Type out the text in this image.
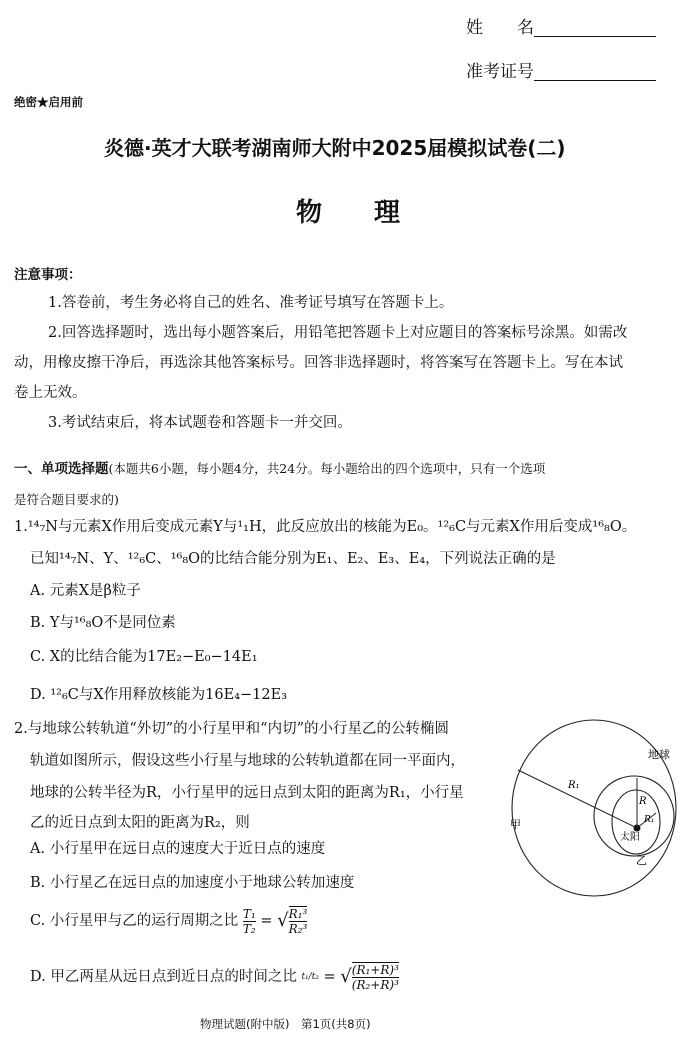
姓　　名
准考证号
绝密★启用前
炎德·英才大联考湖南师大附中2025届模拟试卷(二)
物　　理
注意事项：
1.答卷前，考生务必将自己的姓名、准考证号填写在答题卡上。
2.回答选择题时，选出每小题答案后，用铅笔把答题卡上对应题目的答案标号涂黑。如需改
动，用橡皮擦干净后，再选涂其他答案标号。回答非选择题时，将答案写在答题卡上。写在本试
卷上无效。
3.考试结束后，将本试题卷和答题卡一并交回。
一、单项选择题(本题共6小题，每小题4分，共24分。每小题给出的四个选项中，只有一个选项
是符合题目要求的)
1.¹⁴₇N与元素X作用后变成元素Y与¹₁H，此反应放出的核能为E₀。¹²₆C与元素X作用后变成¹⁶₈O。
已知¹⁴₇N、Y、¹²₆C、¹⁶₈O的比结合能分别为E₁、E₂、E₃、E₄，下列说法正确的是
A. 元素X是β粒子
B. Y与¹⁶₈O不是同位素
C. X的比结合能为17E₂−E₀−14E₁
D. ¹²₆C与X作用释放核能为16E₄−12E₃
2.与地球公转轨道“外切”的小行星甲和“内切”的小行星乙的公转椭圆
轨道如图所示，假设这些小行星与地球的公转轨道都在同一平面内，
地球的公转半径为R，小行星甲的远日点到太阳的距离为R₁，小行星
乙的近日点到太阳的距离为R₂，则
A. 小行星甲在远日点的速度大于近日点的速度
B. 小行星乙在远日点的加速度小于地球公转加速度
C. 小行星甲与乙的运行周期之比 $\frac{\text{T₁}}{\text{T₂}}$ = √ $\frac{\text{R₁³}}{\text{R₂³}}$
D. 甲乙两星从远日点到近日点的时间之比 t₁/t₂ = √ $\frac{\text{(R₁+R)³}}{\text{(R₂+R)³}}$
地球
R₁
R
R₁
甲
太阳
乙
物理试题(附中版)　第1页(共8页)
